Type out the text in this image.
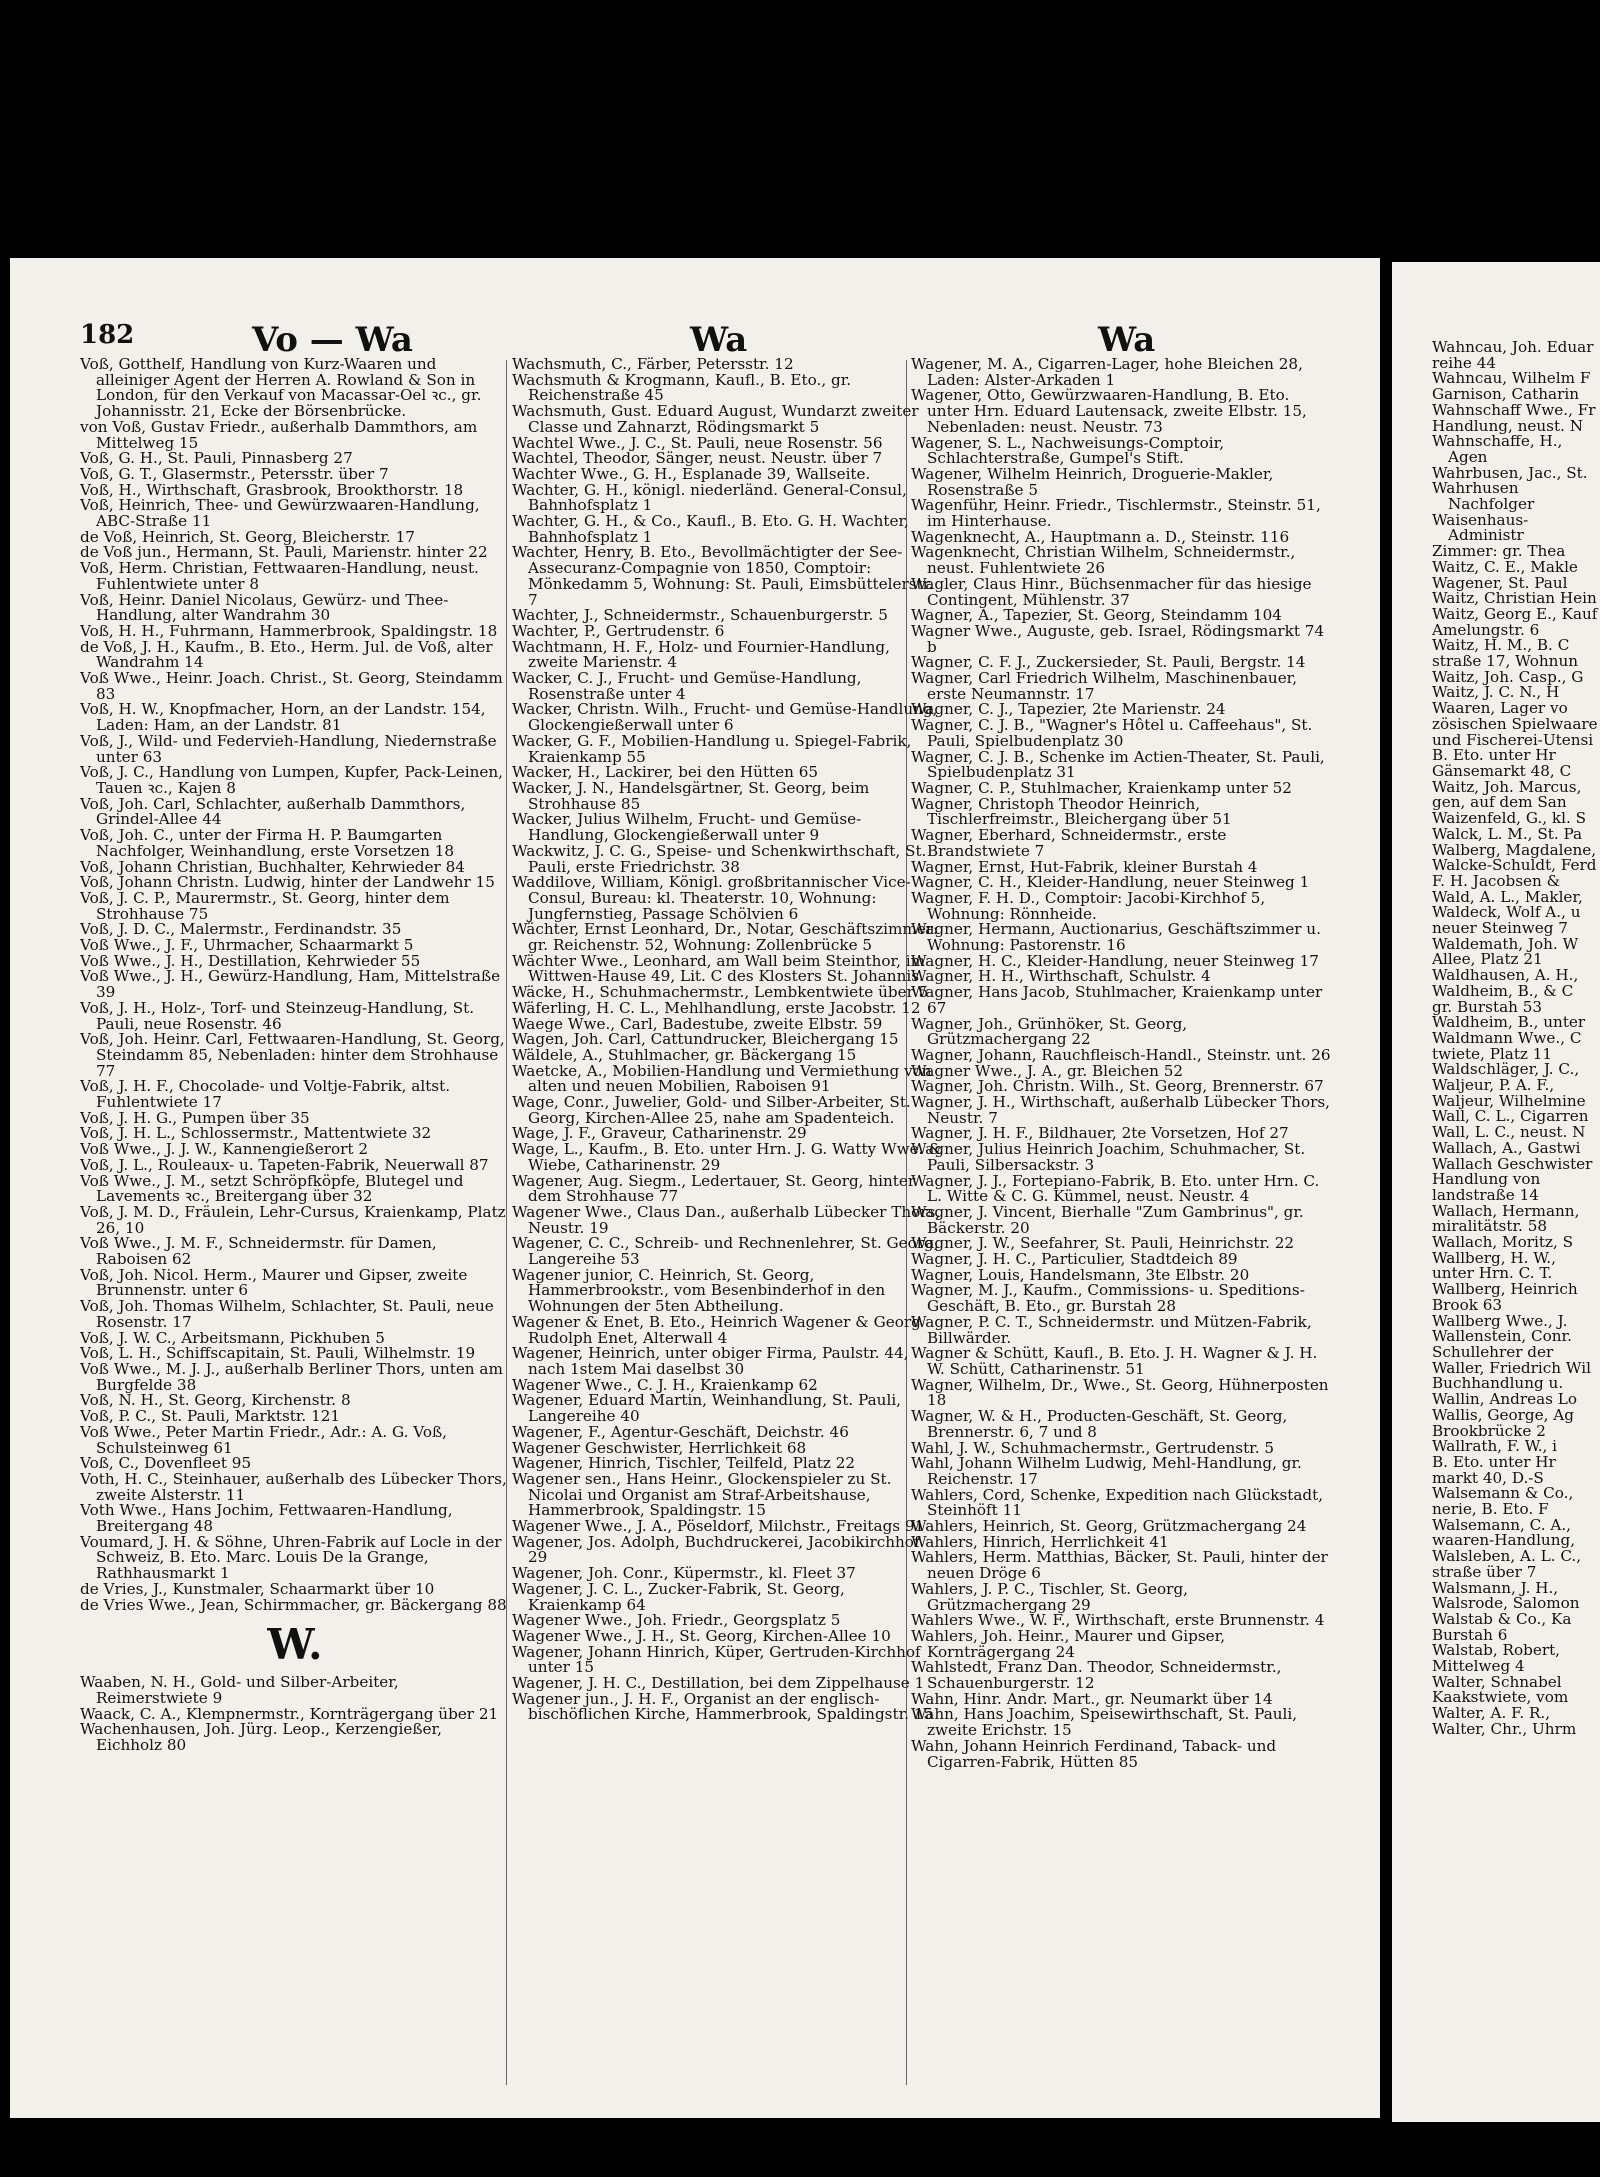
182	Vo — Wa	Wa	Wa

Voß, Gotthelf, Handlung von Kurz-Waaren und alleiniger Agent der Herren A. Rowland & Son in London, für den Verkauf von Macassar-Oel ꝛc., gr. Johannisstr. 21, Ecke der Börsenbrücke.

von Voß, Gustav Friedr., außerhalb Dammthors, am Mittelweg 15

Voß, G. H., St. Pauli, Pinnasberg 27

Voß, G. T., Glasermstr., Petersstr. über 7

Voß, H., Wirthschaft, Grasbrook, Brookthorstr. 18

Voß, Heinrich, Thee- und Gewürzwaaren-Handlung, ABC-Straße 11

de Voß, Heinrich, St. Georg, Bleicherstr. 17

de Voß jun., Hermann, St. Pauli, Marienstr. hinter 22

Voß, Herm. Christian, Fettwaaren-Handlung, neust. Fuhlentwiete unter 8

Voß, Heinr. Daniel Nicolaus, Gewürz- und Thee-Handlung, alter Wandrahm 30

Voß, H. H., Fuhrmann, Hammerbrook, Spaldingstr. 18

de Voß, J. H., Kaufm., B. Eto., Herm. Jul. de Voß, alter Wandrahm 14

Voß Wwe., Heinr. Joach. Christ., St. Georg, Steindamm 83

Voß, H. W., Knopfmacher, Horn, an der Landstr. 154, Laden: Ham, an der Landstr. 81

Voß, J., Wild- und Federvieh-Handlung, Niedernstraße unter 63

Voß, J. C., Handlung von Lumpen, Kupfer, Pack-Leinen, Tauen ꝛc., Kajen 8

Voß, Joh. Carl, Schlachter, außerhalb Dammthors, Grindel-Allee 44

Voß, Joh. C., unter der Firma H. P. Baumgarten Nachfolger, Weinhandlung, erste Vorsetzen 18

Voß, Johann Christian, Buchhalter, Kehrwieder 84

Voß, Johann Christn. Ludwig, hinter der Landwehr 15

Voß, J. C. P., Maurermstr., St. Georg, hinter dem Strohhause 75

Voß, J. D. C., Malermstr., Ferdinandstr. 35

Voß Wwe., J. F., Uhrmacher, Schaarmarkt 5

Voß Wwe., J. H., Destillation, Kehrwieder 55

Voß Wwe., J. H., Gewürz-Handlung, Ham, Mittelstraße 39

Voß, J. H., Holz-, Torf- und Steinzeug-Handlung, St. Pauli, neue Rosenstr. 46

Voß, Joh. Heinr. Carl, Fettwaaren-Handlung, St. Georg, Steindamm 85, Nebenladen: hinter dem Strohhause 77

Voß, J. H. F., Chocolade- und Voltje-Fabrik, altst. Fuhlentwiete 17

Voß, J. H. G., Pumpen über 35

Voß, J. H. L., Schlossermstr., Mattentwiete 32

Voß Wwe., J. J. W., Kannengießerort 2

Voß, J. L., Rouleaux- u. Tapeten-Fabrik, Neuerwall 87

Voß Wwe., J. M., setzt Schröpfköpfe, Blutegel und Lavements ꝛc., Breitergang über 32

Voß, J. M. D., Fräulein, Lehr-Cursus, Kraienkamp, Platz 26, 10

Voß Wwe., J. M. F., Schneidermstr. für Damen, Raboisen 62

Voß, Joh. Nicol. Herm., Maurer und Gipser, zweite Brunnenstr. unter 6

Voß, Joh. Thomas Wilhelm, Schlachter, St. Pauli, neue Rosenstr. 17

Voß, J. W. C., Arbeitsmann, Pickhuben 5

Voß, L. H., Schiffscapitain, St. Pauli, Wilhelmstr. 19

Voß Wwe., M. J. J., außerhalb Berliner Thors, unten am Burgfelde 38

Voß, N. H., St. Georg, Kirchenstr. 8

Voß, P. C., St. Pauli, Marktstr. 121

Voß Wwe., Peter Martin Friedr., Adr.: A. G. Voß, Schulsteinweg 61

Voß, C., Dovenfleet 95

Voth, H. C., Steinhauer, außerhalb des Lübecker Thors, zweite Alsterstr. 11

Voth Wwe., Hans Jochim, Fettwaaren-Handlung, Breitergang 48

Voumard, J. H. & Söhne, Uhren-Fabrik auf Locle in der Schweiz, B. Eto. Marc. Louis De la Grange, Rathhausmarkt 1

de Vries, J., Kunstmaler, Schaarmarkt über 10

de Vries Wwe., Jean, Schirmmacher, gr. Bäckergang 88

W.

Waaben, N. H., Gold- und Silber-Arbeiter, Reimerstwiete 9

Waack, C. A., Klempnermstr., Kornträgergang über 21

Wachenhausen, Joh. Jürg. Leop., Kerzengießer, Eichholz 80

Wachsmuth, C., Färber, Petersstr. 12

Wachsmuth & Krogmann, Kaufl., B. Eto., gr. Reichenstraße 45

Wachsmuth, Gust. Eduard August, Wundarzt zweiter Classe und Zahnarzt, Rödingsmarkt 5

Wachtel Wwe., J. C., St. Pauli, neue Rosenstr. 56

Wachtel, Theodor, Sänger, neust. Neustr. über 7

Wachter Wwe., G. H., Esplanade 39, Wallseite.

Wachter, G. H., königl. niederländ. General-Consul, Bahnhofsplatz 1

Wachter, G. H., & Co., Kaufl., B. Eto. G. H. Wachter, Bahnhofsplatz 1

Wachter, Henry, B. Eto., Bevollmächtigter der See-Assecuranz-Compagnie von 1850, Comptoir: Mönkedamm 5, Wohnung: St. Pauli, Eimsbüttelerstr. 7

Wachter, J., Schneidermstr., Schauenburgerstr. 5

Wachter, P., Gertrudenstr. 6

Wachtmann, H. F., Holz- und Fournier-Handlung, zweite Marienstr. 4

Wacker, C. J., Frucht- und Gemüse-Handlung, Rosenstraße unter 4

Wacker, Christn. Wilh., Frucht- und Gemüse-Handlung, Glockengießerwall unter 6

Wacker, G. F., Mobilien-Handlung u. Spiegel-Fabrik, Kraienkamp 55

Wacker, H., Lackirer, bei den Hütten 65

Wacker, J. N., Handelsgärtner, St. Georg, beim Strohhause 85

Wacker, Julius Wilhelm, Frucht- und Gemüse-Handlung, Glockengießerwall unter 9

Wackwitz, J. C. G., Speise- und Schenkwirthschaft, St. Pauli, erste Friedrichstr. 38

Waddilove, William, Königl. großbritannischer Vice-Consul, Bureau: kl. Theaterstr. 10, Wohnung: Jungfernstieg, Passage Schölvien 6

Wächter, Ernst Leonhard, Dr., Notar, Geschäftszimmer: gr. Reichenstr. 52, Wohnung: Zollenbrücke 5

Wächter Wwe., Leonhard, am Wall beim Steinthor, im Wittwen-Hause 49, Lit. C des Klosters St. Johannis.

Wäcke, H., Schuhmachermstr., Lembkentwiete über 5

Wäferling, H. C. L., Mehlhandlung, erste Jacobstr. 12

Waege Wwe., Carl, Badestube, zweite Elbstr. 59

Wagen, Joh. Carl, Cattundrucker, Bleichergang 15

Wäldele, A., Stuhlmacher, gr. Bäckergang 15

Waetcke, A., Mobilien-Handlung und Vermiethung von alten und neuen Mobilien, Raboisen 91

Wage, Conr., Juwelier, Gold- und Silber-Arbeiter, St. Georg, Kirchen-Allee 25, nahe am Spadenteich.

Wage, J. F., Graveur, Catharinenstr. 29

Wage, L., Kaufm., B. Eto. unter Hrn. J. G. Watty Wwe. & Wiebe, Catharinenstr. 29

Wagener, Aug. Siegm., Ledertauer, St. Georg, hinter dem Strohhause 77

Wagener Wwe., Claus Dan., außerhalb Lübecker Thors, Neustr. 19

Wagener, C. C., Schreib- und Rechnenlehrer, St. Georg, Langereihe 53

Wagener junior, C. Heinrich, St. Georg, Hammerbrookstr., vom Besenbinderhof in den Wohnungen der 5ten Abtheilung.

Wagener & Enet, B. Eto., Heinrich Wagener & Georg Rudolph Enet, Alterwall 4

Wagener, Heinrich, unter obiger Firma, Paulstr. 44, nach 1stem Mai daselbst 30

Wagener Wwe., C. J. H., Kraienkamp 62

Wagener, Eduard Martin, Weinhandlung, St. Pauli, Langereihe 40

Wagener, F., Agentur-Geschäft, Deichstr. 46

Wagener Geschwister, Herrlichkeit 68

Wagener, Hinrich, Tischler, Teilfeld, Platz 22

Wagener sen., Hans Heinr., Glockenspieler zu St. Nicolai und Organist am Straf-Arbeitshause, Hammerbrook, Spaldingstr. 15

Wagener Wwe., J. A., Pöseldorf, Milchstr., Freitags 91

Wagener, Jos. Adolph, Buchdruckerei, Jacobikirchhof 29

Wagener, Joh. Conr., Küpermstr., kl. Fleet 37

Wagener, J. C. L., Zucker-Fabrik, St. Georg, Kraienkamp 64

Wagener Wwe., Joh. Friedr., Georgsplatz 5

Wagener Wwe., J. H., St. Georg, Kirchen-Allee 10

Wagener, Johann Hinrich, Küper, Gertruden-Kirchhof unter 15

Wagener, J. H. C., Destillation, bei dem Zippelhause 1

Wagener jun., J. H. F., Organist an der englisch-bischöflichen Kirche, Hammerbrook, Spaldingstr. 15

Wagener, M. A., Cigarren-Lager, hohe Bleichen 28, Laden: Alster-Arkaden 1

Wagener, Otto, Gewürzwaaren-Handlung, B. Eto. unter Hrn. Eduard Lautensack, zweite Elbstr. 15, Nebenladen: neust. Neustr. 73

Wagener, S. L., Nachweisungs-Comptoir, Schlachterstraße, Gumpel's Stift.

Wagener, Wilhelm Heinrich, Droguerie-Makler, Rosenstraße 5

Wagenführ, Heinr. Friedr., Tischlermstr., Steinstr. 51, im Hinterhause.

Wagenknecht, A., Hauptmann a. D., Steinstr. 116

Wagenknecht, Christian Wilhelm, Schneidermstr., neust. Fuhlentwiete 26

Wagler, Claus Hinr., Büchsenmacher für das hiesige Contingent, Mühlenstr. 37

Wagner, A., Tapezier, St. Georg, Steindamm 104

Wagner Wwe., Auguste, geb. Israel, Rödingsmarkt 74 b

Wagner, C. F. J., Zuckersieder, St. Pauli, Bergstr. 14

Wagner, Carl Friedrich Wilhelm, Maschinenbauer, erste Neumannstr. 17

Wagner, C. J., Tapezier, 2te Marienstr. 24

Wagner, C. J. B., "Wagner's Hôtel u. Caffeehaus", St. Pauli, Spielbudenplatz 30

Wagner, C. J. B., Schenke im Actien-Theater, St. Pauli, Spielbudenplatz 31

Wagner, C. P., Stuhlmacher, Kraienkamp unter 52

Wagner, Christoph Theodor Heinrich, Tischlerfreimstr., Bleichergang über 51

Wagner, Eberhard, Schneidermstr., erste Brandstwiete 7

Wagner, Ernst, Hut-Fabrik, kleiner Burstah 4

Wagner, C. H., Kleider-Handlung, neuer Steinweg 1

Wagner, F. H. D., Comptoir: Jacobi-Kirchhof 5, Wohnung: Rönnheide.

Wagner, Hermann, Auctionarius, Geschäftszimmer u. Wohnung: Pastorenstr. 16

Wagner, H. C., Kleider-Handlung, neuer Steinweg 17

Wagner, H. H., Wirthschaft, Schulstr. 4

Wagner, Hans Jacob, Stuhlmacher, Kraienkamp unter 67

Wagner, Joh., Grünhöker, St. Georg, Grützmachergang 22

Wagner, Johann, Rauchfleisch-Handl., Steinstr. unt. 26

Wagner Wwe., J. A., gr. Bleichen 52

Wagner, Joh. Christn. Wilh., St. Georg, Brennerstr. 67

Wagner, J. H., Wirthschaft, außerhalb Lübecker Thors, Neustr. 7

Wagner, J. H. F., Bildhauer, 2te Vorsetzen, Hof 27

Wagner, Julius Heinrich Joachim, Schuhmacher, St. Pauli, Silbersackstr. 3

Wagner, J. J., Fortepiano-Fabrik, B. Eto. unter Hrn. C. L. Witte & C. G. Kümmel, neust. Neustr. 4

Wagner, J. Vincent, Bierhalle "Zum Gambrinus", gr. Bäckerstr. 20

Wagner, J. W., Seefahrer, St. Pauli, Heinrichstr. 22

Wagner, J. H. C., Particulier, Stadtdeich 89

Wagner, Louis, Handelsmann, 3te Elbstr. 20

Wagner, M. J., Kaufm., Commissions- u. Speditions-Geschäft, B. Eto., gr. Burstah 28

Wagner, P. C. T., Schneidermstr. und Mützen-Fabrik, Billwärder.

Wagner & Schütt, Kaufl., B. Eto. J. H. Wagner & J. H. W. Schütt, Catharinenstr. 51

Wagner, Wilhelm, Dr., Wwe., St. Georg, Hühnerposten 18

Wagner, W. & H., Producten-Geschäft, St. Georg, Brennerstr. 6, 7 und 8

Wahl, J. W., Schuhmachermstr., Gertrudenstr. 5

Wahl, Johann Wilhelm Ludwig, Mehl-Handlung, gr. Reichenstr. 17

Wahlers, Cord, Schenke, Expedition nach Glückstadt, Steinhöft 11

Wahlers, Heinrich, St. Georg, Grützmachergang 24

Wahlers, Hinrich, Herrlichkeit 41

Wahlers, Herm. Matthias, Bäcker, St. Pauli, hinter der neuen Dröge 6

Wahlers, J. P. C., Tischler, St. Georg, Grützmachergang 29

Wahlers Wwe., W. F., Wirthschaft, erste Brunnenstr. 4

Wahlers, Joh. Heinr., Maurer und Gipser, Kornträgergang 24

Wahlstedt, Franz Dan. Theodor, Schneidermstr., Schauenburgerstr. 12

Wahn, Hinr. Andr. Mart., gr. Neumarkt über 14

Wahn, Hans Joachim, Speisewirthschaft, St. Pauli, zweite Erichstr. 15

Wahn, Johann Heinrich Ferdinand, Taback- und Cigarren-Fabrik, Hütten 85

Wahncau, Joh. Eduar

reihe 44

Wahncau, Wilhelm F

Garnison, Catharin

Wahnschaff Wwe., Fr

Handlung, neust. N

Wahnschaffe, H., Agen

Wahrbusen, Jac., St.

Wahrhusen Nachfolger

Waisenhaus-Administr

Zimmer: gr. Thea

Waitz, C. E., Makle

Wagener, St. Paul

Waitz, Christian Hein

Waitz, Georg E., Kauf

Amelungstr. 6

Waitz, H. M., B. C

straße 17, Wohnun

Waitz, Joh. Casp., G

Waitz, J. C. N., H

Waaren, Lager vo

zösischen Spielwaare

und Fischerei-Utensi

B. Eto. unter Hr

Gänsemarkt 48, C

Waitz, Joh. Marcus,

gen, auf dem San

Waizenfeld, G., kl. S

Walck, L. M., St. Pa

Walberg, Magdalene,

Walcke-Schuldt, Ferd

F. H. Jacobsen &

Wald, A. L., Makler,

Waldeck, Wolf A., u

neuer Steinweg 7

Waldemath, Joh. W

Allee, Platz 21

Waldhausen, A. H.,

Waldheim, B., & C

gr. Burstah 53

Waldheim, B., unter

Waldmann Wwe., C

twiete, Platz 11

Waldschläger, J. C.,

Waljeur, P. A. F.,

Waljeur, Wilhelmine

Wall, C. L., Cigarren

Wall, L. C., neust. N

Wallach, A., Gastwi

Wallach Geschwister

Handlung von

landstraße 14

Wallach, Hermann,

miralitätstr. 58

Wallach, Moritz, S

Wallberg, H. W.,

unter Hrn. C. T.

Wallberg, Heinrich

Brook 63

Wallberg Wwe., J.

Wallenstein, Conr.

Schullehrer der

Waller, Friedrich Wil

Buchhandlung u.

Wallin, Andreas Lo

Wallis, George, Ag

Brookbrücke 2

Wallrath, F. W., i

B. Eto. unter Hr

markt 40, D.-S

Walsemann & Co.,

nerie, B. Eto. F

Walsemann, C. A.,

waaren-Handlung,

Walsleben, A. L. C.,

straße über 7

Walsmann, J. H.,

Walsrode, Salomon

Walstab & Co., Ka

Burstah 6

Walstab, Robert,

Mittelweg 4

Walter, Schnabel

Kaakstwiete, vom

Walter, A. F. R.,

Walter, Chr., Uhrm
